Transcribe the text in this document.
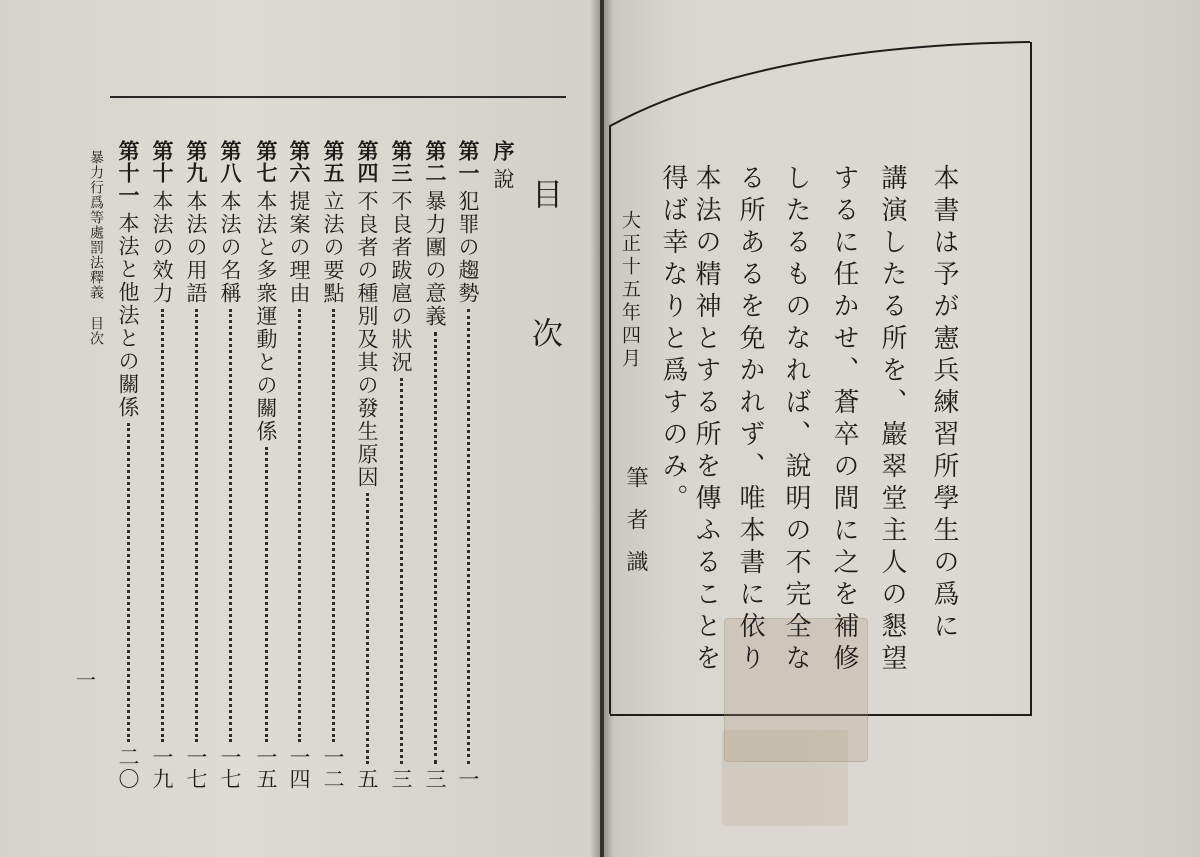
目 次
序
說
第一
犯罪の趨勢
一
第二
暴力團の意義
三
第三
不良者跋扈の狀況
三
第四
不良者の種別及其の發生原因
五
第五
立法の要點
一二
第六
提案の理由
一四
第七
本法と多衆運動との關係
一五
第八
本法の名稱
一七
第九
本法の用語
一七
第十
本法の效力
一九
第十一
本法と他法との關係
二〇
暴力行爲等處罰法釋義目次
一
本書は予が憲兵練習所學生の爲に
講演したる所を、巖翠堂主人の懇望
するに任かせ、蒼卒の間に之を補修
したるものなれば、說明の不完全な
る所あるを免かれず、唯本書に依り
本法の精神とする所を傳ふることを
得ば幸なりと爲すのみ。
大正十五年四月
筆者識
